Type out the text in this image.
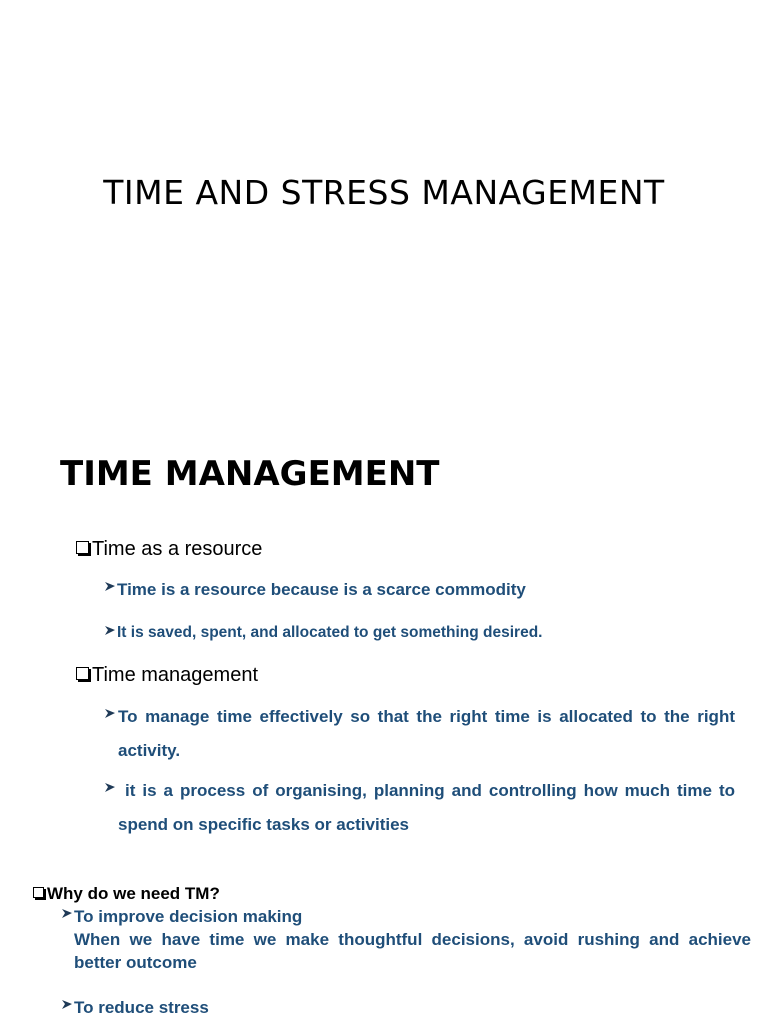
TIME AND STRESS MANAGEMENT
TIME MANAGEMENT
Time as a resource
Time is a resource because is a scarce commodity
It is saved, spent, and allocated to get something desired.
Time management
To manage time effectively so that the right time is allocated to the right activity.
it is a process of organising, planning and controlling how much time to spend on specific tasks or activities
Why do we need TM?
To improve decision making
When we have time we make thoughtful decisions, avoid rushing and achieve better outcome
To reduce stress
